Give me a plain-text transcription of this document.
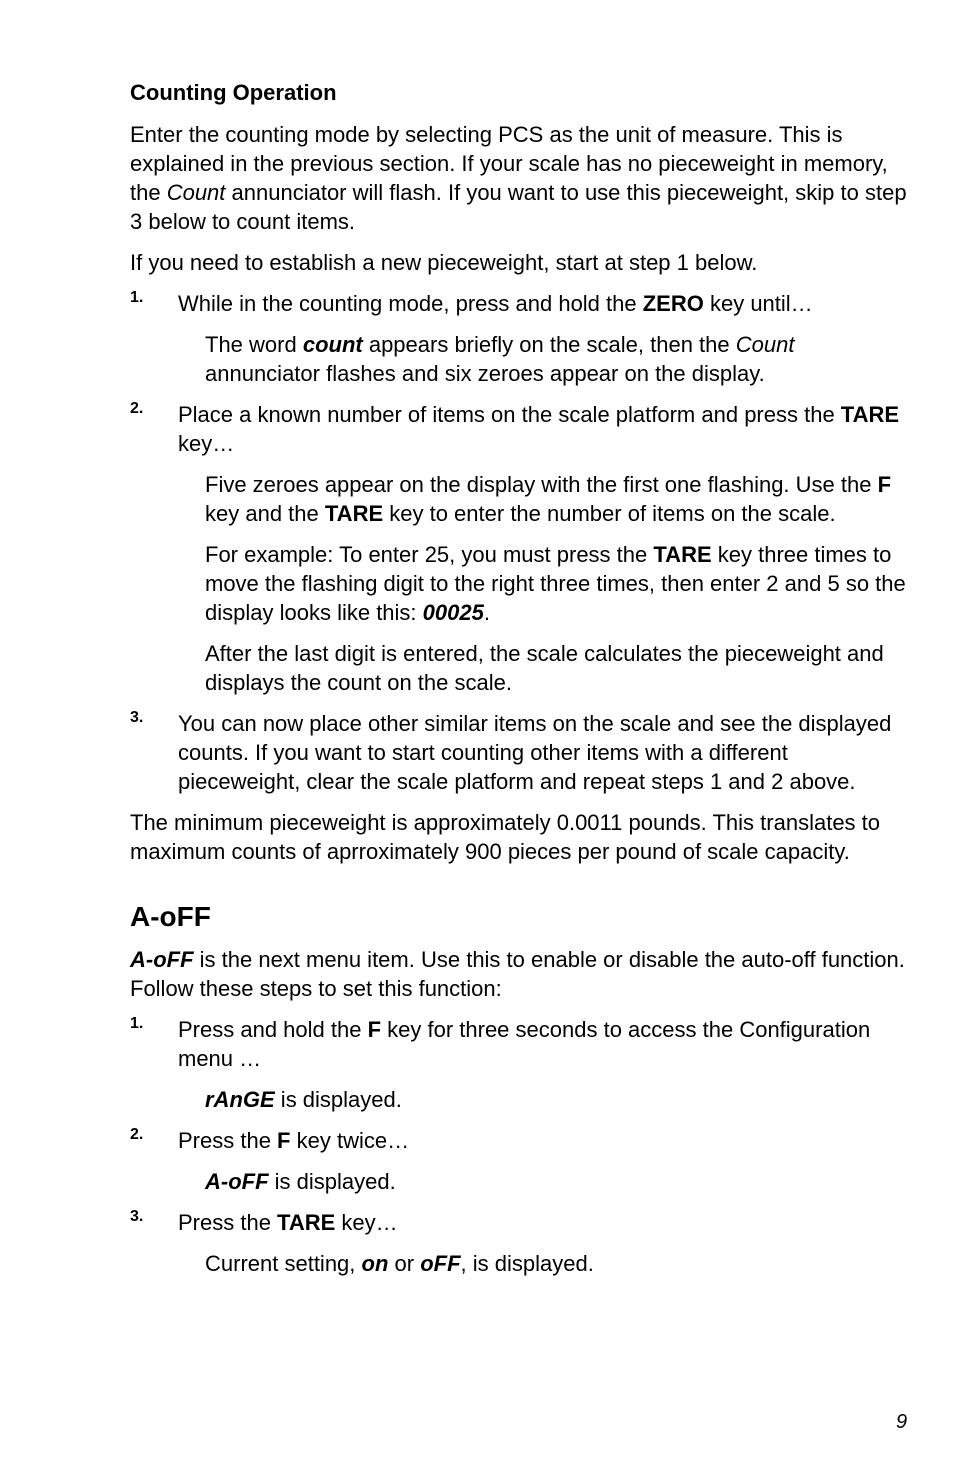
Counting Operation

Enter the counting mode by selecting PCS as the unit of measure. This is explained in the previous section. If your scale has no pieceweight in memory, the Count annunciator will flash. If you want to use this pieceweight, skip to step 3 below to count items.

If you need to establish a new pieceweight, start at step 1 below.

1. While in the counting mode, press and hold the ZERO key until…

The word count appears briefly on the scale, then the Count annunciator flashes and six zeroes appear on the display.

2. Place a known number of items on the scale platform and press the TARE key…

Five zeroes appear on the display with the first one flashing. Use the F key and the TARE key to enter the number of items on the scale.

For example: To enter 25, you must press the TARE key three times to move the flashing digit to the right three times, then enter 2 and 5 so the display looks like this: 00025.

After the last digit is entered, the scale calculates the pieceweight and displays the count on the scale.

3. You can now place other similar items on the scale and see the displayed counts. If you want to start counting other items with a different pieceweight, clear the scale platform and repeat steps 1 and 2 above.

The minimum pieceweight is approximately 0.0011 pounds. This translates to maximum counts of aprroximately 900 pieces per pound of scale capacity.

A-oFF

A-oFF is the next menu item. Use this to enable or disable the auto-off function. Follow these steps to set this function:

1. Press and hold the F key for three seconds to access the Configuration menu …

rAnGE is displayed.

2. Press the F key twice…

A-oFF is displayed.

3. Press the TARE key…

Current setting, on or oFF, is displayed.

9
